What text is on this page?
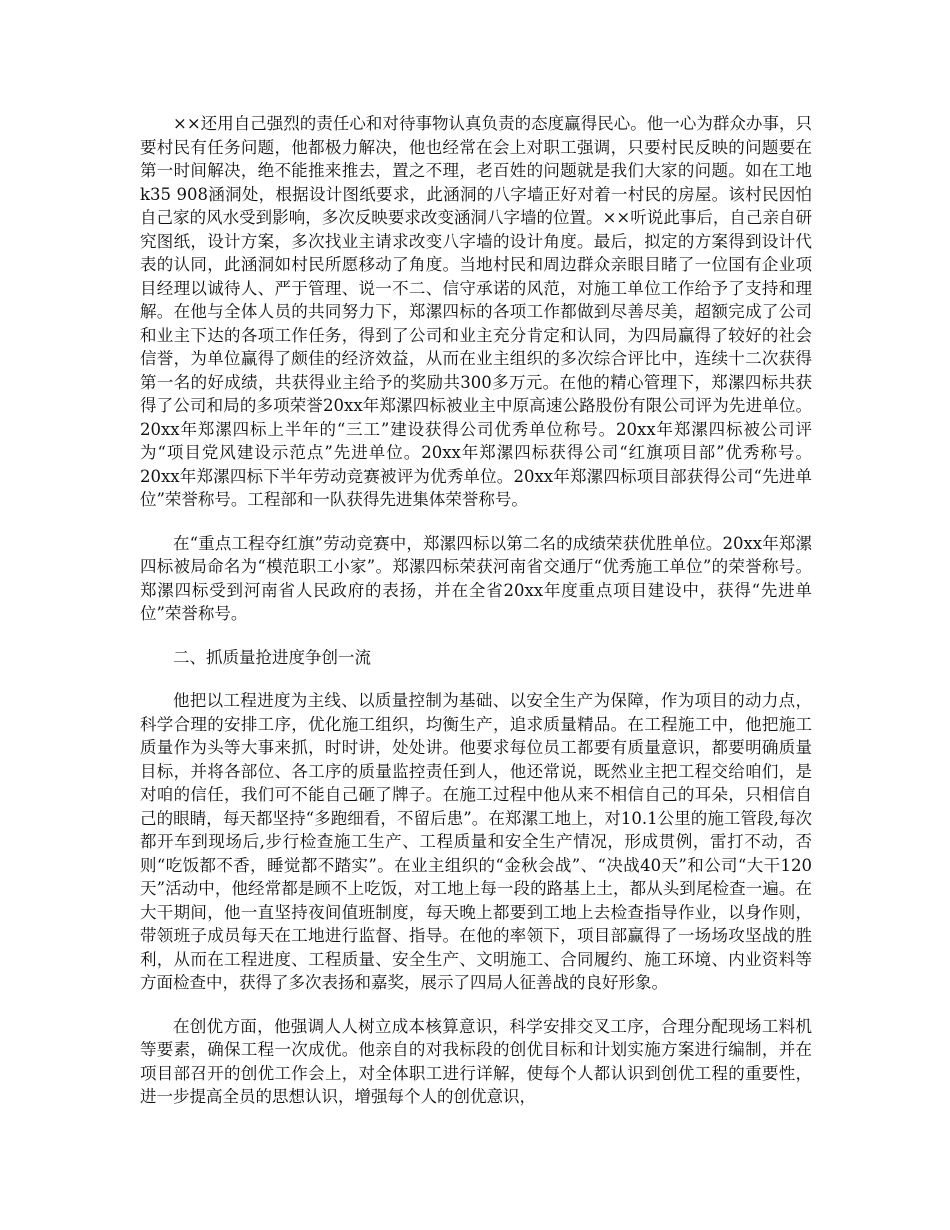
××还用自己强烈的责任心和对待事物认真负责的态度赢得民心。他一心为群众办事，只要村民有任务问题，他都极力解决，他也经常在会上对职工强调，只要村民反映的问题要在第一时间解决，绝不能推来推去，置之不理，老百姓的问题就是我们大家的问题。如在工地k35 908涵洞处，根据设计图纸要求，此涵洞的八字墙正好对着一村民的房屋。该村民因怕自己家的风水受到影响，多次反映要求改变涵洞八字墙的位置。××听说此事后，自己亲自研究图纸，设计方案，多次找业主请求改变八字墙的设计角度。最后，拟定的方案得到设计代表的认同，此涵洞如村民所愿移动了角度。当地村民和周边群众亲眼目睹了一位国有企业项目经理以诚待人、严于管理、说一不二、信守承诺的风范，对施工单位工作给予了支持和理解。在他与全体人员的共同努力下，郑漯四标的各项工作都做到尽善尽美，超额完成了公司和业主下达的各项工作任务，得到了公司和业主充分肯定和认同，为四局赢得了较好的社会信誉，为单位赢得了颇佳的经济效益，从而在业主组织的多次综合评比中，连续十二次获得第一名的好成绩，共获得业主给予的奖励共300多万元。在他的精心管理下，郑漯四标共获得了公司和局的多项荣誉20xx年郑漯四标被业主中原高速公路股份有限公司评为先进单位。20xx年郑漯四标上半年的“三工”建设获得公司优秀单位称号。20xx年郑漯四标被公司评为“项目党风建设示范点”先进单位。20xx年郑漯四标获得公司“红旗项目部”优秀称号。20xx年郑漯四标下半年劳动竞赛被评为优秀单位。20xx年郑漯四标项目部获得公司“先进单位”荣誉称号。工程部和一队获得先进集体荣誉称号。

在“重点工程夺红旗”劳动竞赛中，郑漯四标以第二名的成绩荣获优胜单位。20xx年郑漯四标被局命名为“模范职工小家”。郑漯四标荣获河南省交通厅“优秀施工单位”的荣誉称号。郑漯四标受到河南省人民政府的表扬，并在全省20xx年度重点项目建设中，获得“先进单位”荣誉称号。

二、抓质量抢进度争创一流

他把以工程进度为主线、以质量控制为基础、以安全生产为保障，作为项目的动力点，科学合理的安排工序，优化施工组织，均衡生产，追求质量精品。在工程施工中，他把施工质量作为头等大事来抓，时时讲，处处讲。他要求每位员工都要有质量意识，都要明确质量目标，并将各部位、各工序的质量监控责任到人，他还常说，既然业主把工程交给咱们，是对咱的信任，我们可不能自己砸了牌子。在施工过程中他从来不相信自己的耳朵，只相信自己的眼睛，每天都坚持“多跑细看，不留后患”。在郑漯工地上，对10.1公里的施工管段,每次都开车到现场后,步行检查施工生产、工程质量和安全生产情况，形成贯例，雷打不动，否则“吃饭都不香，睡觉都不踏实”。在业主组织的“金秋会战”、“决战40天”和公司“大干120天”活动中，他经常都是顾不上吃饭，对工地上每一段的路基上土，都从头到尾检查一遍。在大干期间，他一直坚持夜间值班制度，每天晚上都要到工地上去检查指导作业，以身作则，带领班子成员每天在工地进行监督、指导。在他的率领下，项目部赢得了一场场攻坚战的胜利，从而在工程进度、工程质量、安全生产、文明施工、合同履约、施工环境、内业资料等方面检查中，获得了多次表扬和嘉奖，展示了四局人征善战的良好形象。

在创优方面，他强调人人树立成本核算意识，科学安排交叉工序，合理分配现场工料机等要素，确保工程一次成优。他亲自的对我标段的创优目标和计划实施方案进行编制，并在项目部召开的创优工作会上，对全体职工进行详解，使每个人都认识到创优工程的重要性，进一步提高全员的思想认识，增强每个人的创优意识，
